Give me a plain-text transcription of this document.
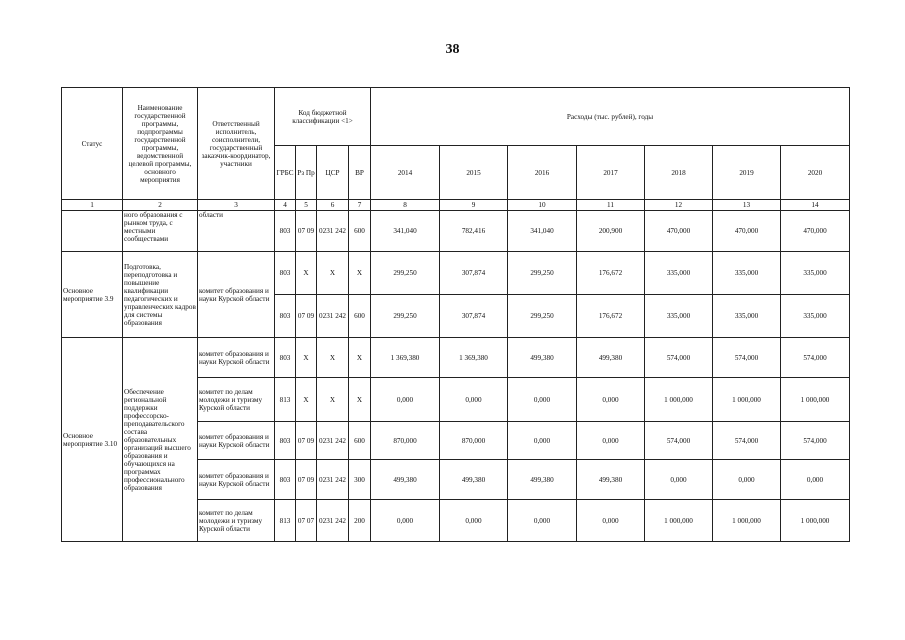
38
Статус	Наименование государственной программы, подпрограммы государственной программы, ведомственной целевой программы, основного мероприятия	Ответственный исполнитель, соисполнители, государственный заказчик-координатор, участники	Код бюджетной классификации <1>				Расходы (тыс. рублей), годы						
			ГРБС	Рз Пр	ЦСР	ВР	2014	2015	2016	2017	2018	2019	2020
1	2	3	4	5	6	7	8	9	10	11	12	13	14
	ного образования с рынком труда, с местными сообществами	области	803	07 09	0231 242	600	341,040	782,416	341,040	200,900	470,000	470,000	470,000
Основное мероприятие 3.9	Подготовка, переподготовка и повышение квалификации педагогических и управленческих кадров для системы образования	комитет образования и науки Курской области	803	X	X	X	299,250	307,874	299,250	176,672	335,000	335,000	335,000
			803	07 09	0231 242	600	299,250	307,874	299,250	176,672	335,000	335,000	335,000
Основное мероприятие 3.10	Обеспечение региональной поддержки профессорско-преподавательского состава образовательных организаций высшего образования и обучающихся на программах профессионального образования	комитет образования и науки Курской области	803	X	X	X	1 369,380	1 369,380	499,380	499,380	574,000	574,000	574,000
		комитет по делам молодежи и туризму Курской области	813	X	X	X	0,000	0,000	0,000	0,000	1 000,000	1 000,000	1 000,000
		комитет образования и науки Курской области	803	07 09	0231 242	600	870,000	870,000	0,000	0,000	574,000	574,000	574,000
		комитет образования и науки Курской области	803	07 09	0231 242	300	499,380	499,380	499,380	499,380	0,000	0,000	0,000
		комитет по делам молодежи и туризму Курской области	813	07 07	0231 242	200	0,000	0,000	0,000	0,000	1 000,000	1 000,000	1 000,000
